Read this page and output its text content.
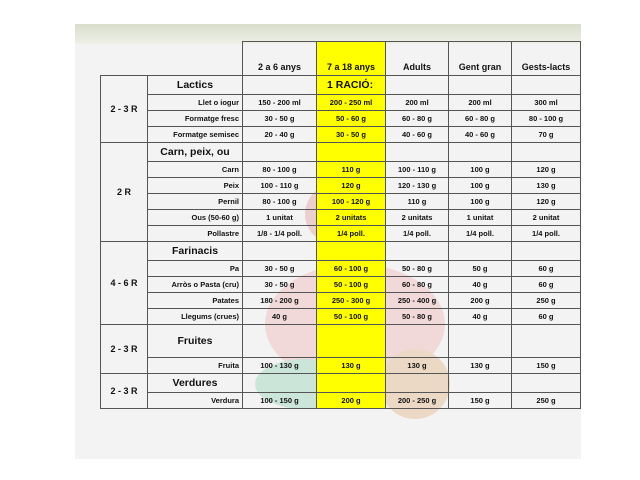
		2 a 6 anys	7 a 18 anys	Adults	Gent gran	Gests-lacts
2 - 3 R	Lactics		1 RACIÓ:			
	Llet o iogur	150 - 200 ml	200 - 250 ml	200 ml	200 ml	300 ml
	Formatge fresc	30 - 50 g	50 - 60 g	60 - 80 g	60 - 80 g	80 - 100 g
	Formatge semisec	20 - 40 g	30 - 50 g	40 - 60 g	40 - 60 g	70 g
2 R	Carn, peix, ou					
	Carn	80 - 100 g	110 g	100 - 110 g	100 g	120 g
	Peix	100 - 110 g	120 g	120 - 130 g	100 g	130 g
	Pernil	80 - 100 g	100 - 120 g	110 g	100 g	120 g
	Ous (50-60 g)	1 unitat	2 unitats	2 unitats	1 unitat	2 unitat
	Pollastre	1/8 - 1/4 poll.	1/4 poll.	1/4 poll.	1/4 poll.	1/4 poll.
4 - 6 R	Farinacis					
	Pa	30 - 50 g	60 - 100 g	50 - 80 g	50 g	60 g
	Arròs o Pasta (cru)	30 - 50 g	50 - 100 g	60 - 80 g	40 g	60 g
	Patates	180 - 200 g	250 - 300 g	250 - 400 g	200 g	250 g
	Llegums (crues)	40 g	50 - 100 g	50 - 80 g	40 g	60 g
2 - 3 R	Fruites					
	Fruita	100 - 130 g	130 g	130 g	130 g	150 g
2 - 3 R	Verdures					
	Verdura	100 - 150 g	200 g	200 - 250 g	150 g	250 g
